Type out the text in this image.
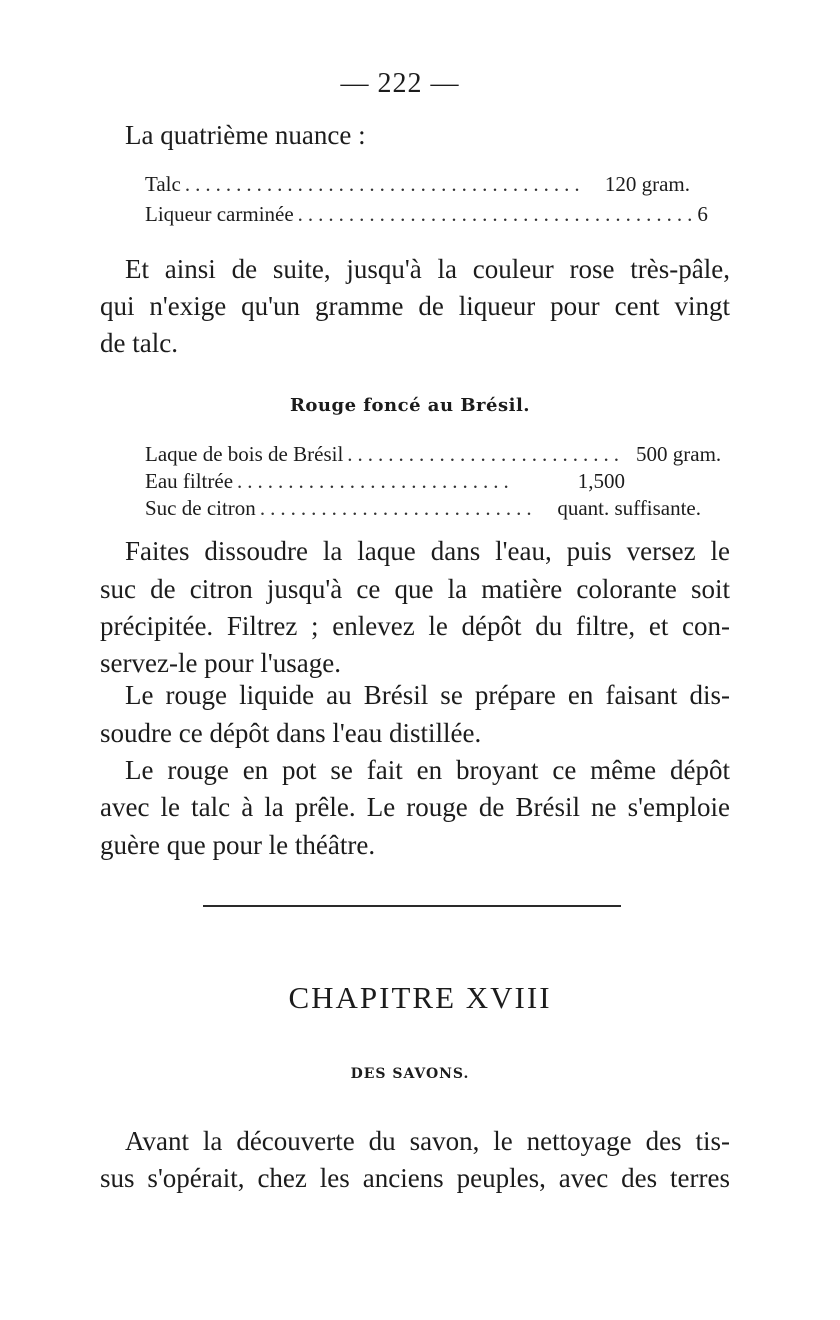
— 222 —
La quatrième nuance :
Talc ....................................... 120 gram.
Liqueur carminée ....................................... 6
Et ainsi de suite, jusqu'à la couleur rose très-pâle,
qui n'exige qu'un gramme de liqueur pour cent vingt
de talc.
Rouge foncé au Brésil.
Laque de bois de Brésil ........................... 500 gram.
Eau filtrée ...........................	1,500
Suc de citron ........................... quant. suffisante.
Faites dissoudre la laque dans l'eau, puis versez le
suc de citron jusqu'à ce que la matière colorante soit
précipitée. Filtrez ; enlevez le dépôt du filtre, et con-
servez-le pour l'usage.
Le rouge liquide au Brésil se prépare en faisant dis-
soudre ce dépôt dans l'eau distillée.
Le rouge en pot se fait en broyant ce même dépôt
avec le talc à la prêle. Le rouge de Brésil ne s'emploie
guère que pour le théâtre.
CHAPITRE XVIII
DES SAVONS.
Avant la découverte du savon, le nettoyage des tis-
sus s'opérait, chez les anciens peuples, avec des terres
